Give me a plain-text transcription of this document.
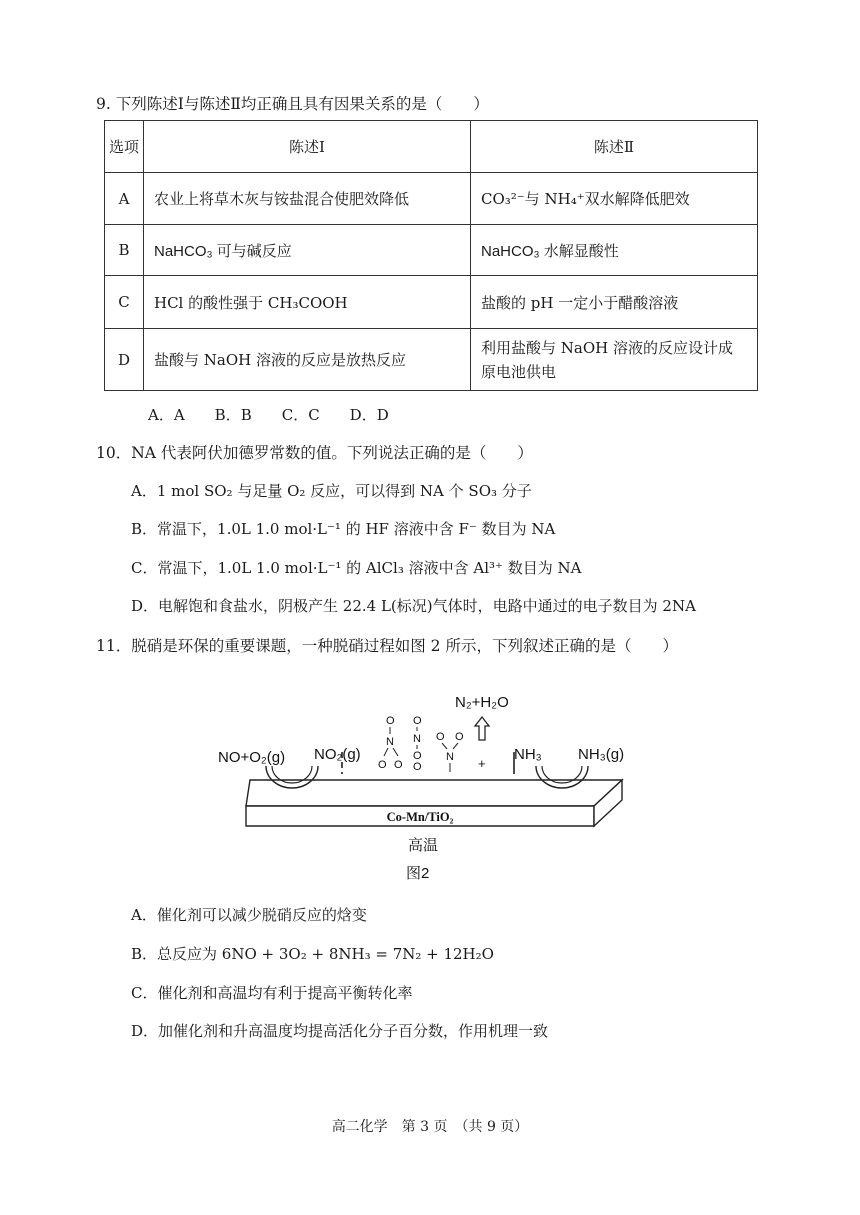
9. 下列陈述Ⅰ与陈述Ⅱ均正确且具有因果关系的是（　　）
选项	陈述Ⅰ	陈述Ⅱ
A	农业上将草木灰与铵盐混合使肥效降低	CO₃²⁻与 NH₄⁺双水解降低肥效
B	NaHCO₃ 可与碱反应	NaHCO₃ 水解显酸性
C	HCl 的酸性强于 CH₃COOH	盐酸的 pH 一定小于醋酸溶液
D	盐酸与 NaOH 溶液的反应是放热反应	利用盐酸与 NaOH 溶液的反应设计成原电池供电
A．A　　B．B　　C．C　　D．D
10．NA 代表阿伏加德罗常数的值。下列说法正确的是（　　）
A．1 mol SO₂ 与足量 O₂ 反应，可以得到 NA 个 SO₃ 分子
B．常温下，1.0L 1.0 mol·L⁻¹ 的 HF 溶液中含 F⁻ 数目为 NA
C．常温下，1.0L 1.0 mol·L⁻¹ 的 AlCl₃ 溶液中含 Al³⁺ 数目为 NA
D．电解饱和食盐水，阴极产生 22.4 L(标况)气体时，电路中通过的电子数目为 2NA
11．脱硝是环保的重要课题，一种脱硝过程如图 2 所示，下列叙述正确的是（　　）
Co-Mn/TiO₂
NO+O₂(g) NO₂(g)	NH₃ NH₃(g)
N₂+H₂O
+
O
N
O O
O
N
O
O
O O
N
高温
图2
A．催化剂可以减少脱硝反应的焓变
B．总反应为 6NO + 3O₂ + 8NH₃ = 7N₂ + 12H₂O
C．催化剂和高温均有利于提高平衡转化率
D．加催化剂和升高温度均提高活化分子百分数，作用机理一致
高二化学　第 3 页　（共 9 页）
